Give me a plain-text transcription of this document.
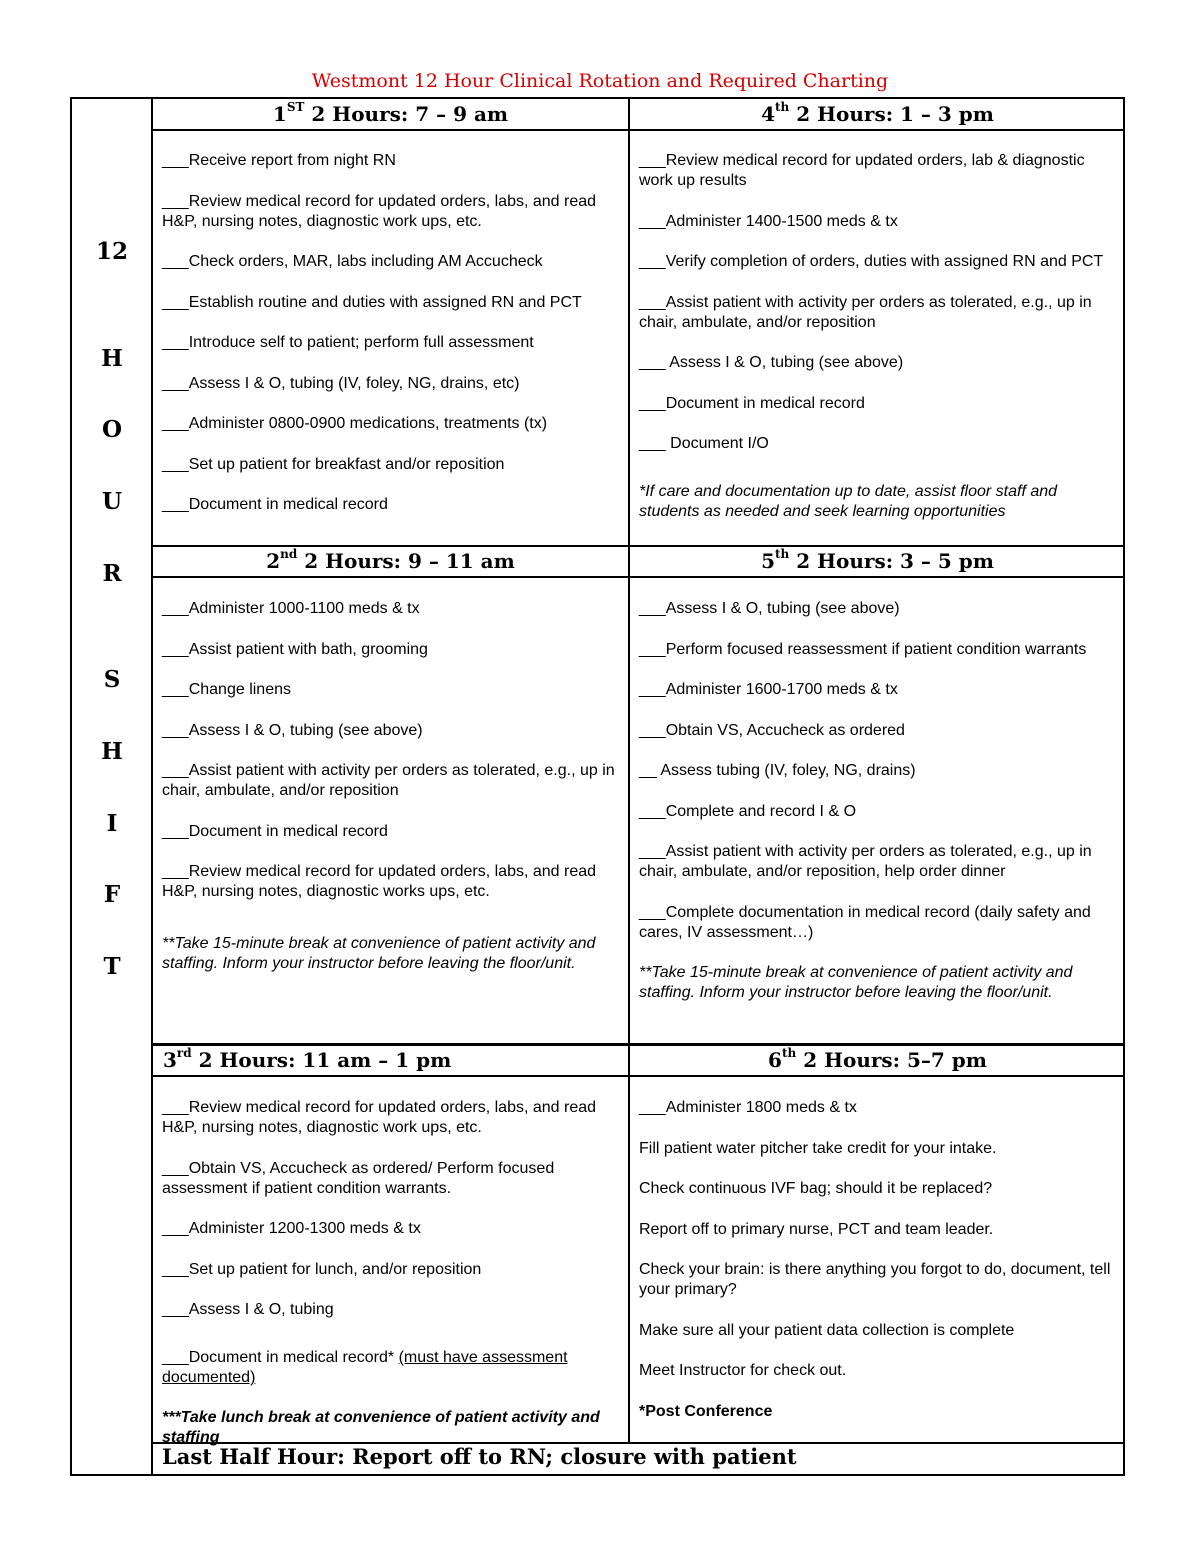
Westmont 12 Hour Clinical Rotation and Required Charting
12
H
O
U
R
S
H
I
F
T
1ST 2 Hours: 7 – 9 am	4th 2 Hours: 1 – 3 pm
2nd 2 Hours: 9 – 11 am	5th 2 Hours: 3 – 5 pm
3rd 2 Hours: 11 am – 1 pm	6th 2 Hours: 5–7 pm

___Receive report from night RN

___Review medical record for updated orders, labs, and read H&P, nursing notes, diagnostic work ups, etc.

___Check orders, MAR, labs including AM Accucheck

___Establish routine and duties with assigned RN and PCT

___Introduce self to patient; perform full assessment

___Assess I & O, tubing (IV, foley, NG, drains, etc)

___Administer 0800-0900 medications, treatments (tx)

___Set up patient for breakfast and/or reposition

___Document in medical record

___Review medical record for updated orders, lab & diagnostic work up results

___Administer 1400-1500 meds & tx

___Verify completion of orders, duties with assigned RN and PCT

___Assist patient with activity per orders as tolerated, e.g., up in chair, ambulate, and/or reposition

___ Assess I & O, tubing (see above)

___Document in medical record

___ Document I/O

*If care and documentation up to date, assist floor staff and students as needed and seek learning opportunities

___Administer 1000-1100 meds & tx

___Assist patient with bath, grooming

___Change linens

___Assess I & O, tubing (see above)

___Assist patient with activity per orders as tolerated, e.g., up in chair, ambulate, and/or reposition

___Document in medical record

___Review medical record for updated orders, labs, and read H&P, nursing notes, diagnostic works ups, etc.

**Take 15-minute break at convenience of patient activity and staffing. Inform your instructor before leaving the floor/unit.

___Assess I & O, tubing (see above)

___Perform focused reassessment if patient condition warrants

___Administer 1600-1700 meds & tx

___Obtain VS, Accucheck as ordered

__ Assess tubing (IV, foley, NG, drains)

___Complete and record I & O

___Assist patient with activity per orders as tolerated, e.g., up in chair, ambulate, and/or reposition, help order dinner

___Complete documentation in medical record (daily safety and cares, IV assessment…)

**Take 15-minute break at convenience of patient activity and staffing. Inform your instructor before leaving the floor/unit.

___Review medical record for updated orders, labs, and read H&P, nursing notes, diagnostic work ups, etc.

___Obtain VS, Accucheck as ordered/ Perform focused assessment if patient condition warrants.

___Administer 1200-1300 meds & tx

___Set up patient for lunch, and/or reposition

___Assess I & O, tubing

___Document in medical record* (must have assessment documented)

***Take lunch break at convenience of patient activity and staffing

___Administer 1800 meds & tx

Fill patient water pitcher take credit for your intake.

Check continuous IVF bag; should it be replaced?

Report off to primary nurse, PCT and team leader.

Check your brain: is there anything you forgot to do, document, tell your primary?

Make sure all your patient data collection is complete

Meet Instructor for check out.

*Post Conference

Last Half Hour: Report off to RN; closure with patient
